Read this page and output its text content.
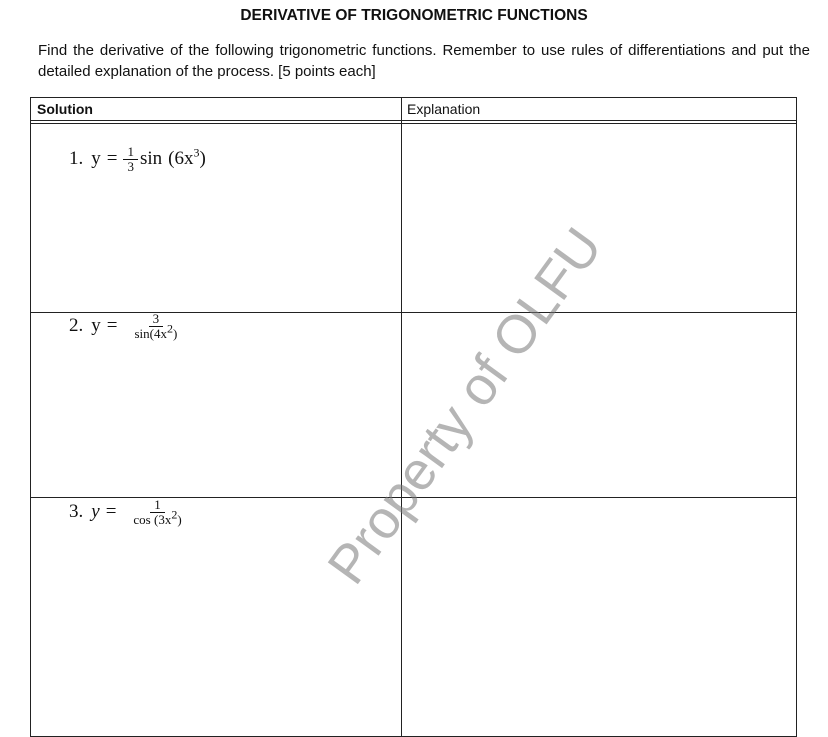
DERIVATIVE OF TRIGONOMETRIC FUNCTIONS
Find the derivative of the following trigonometric functions. Remember to use rules of differentiations and put the detailed explanation of the process. [5 points each]
Solution	Explanation
1. $y = \frac{1}{3}$ $\sin (6x^3)$
2. $y = \frac{3}{\sin(4x^2)}$
3. $y = \frac{1}{\cos (3x^2)}$	Property of OLFU
